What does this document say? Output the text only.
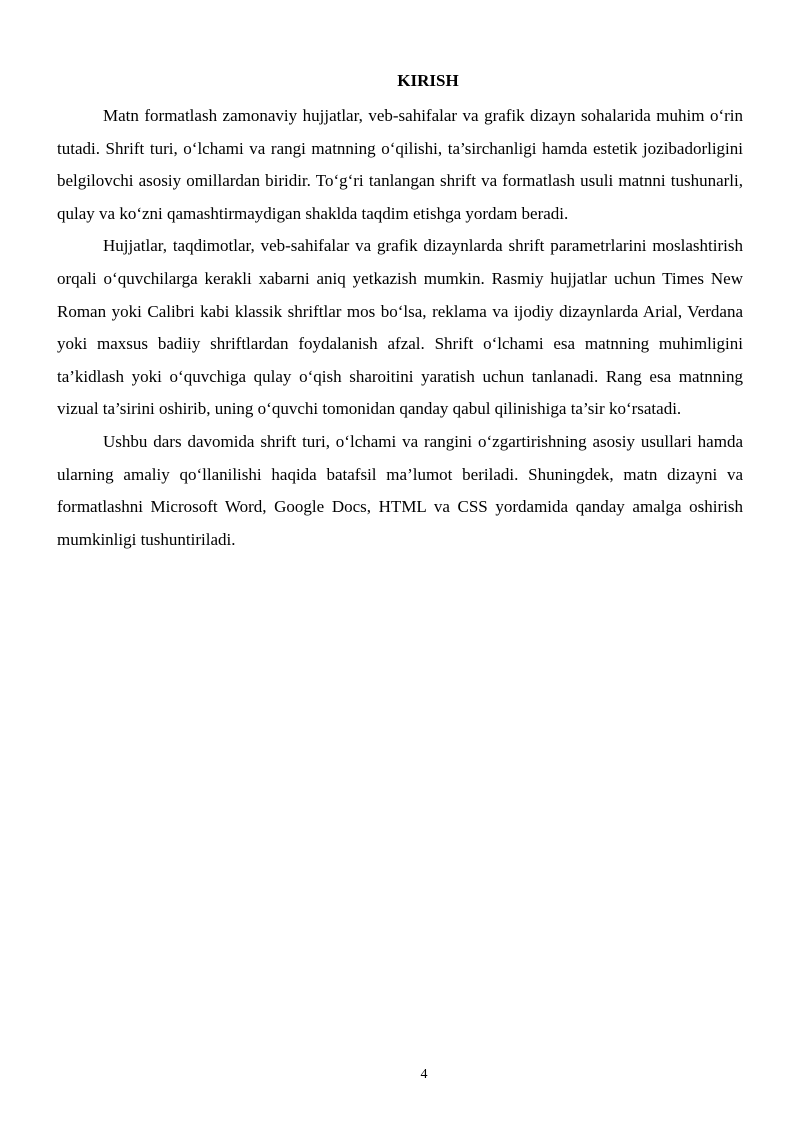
KIRISH

Matn formatlash zamonaviy hujjatlar, veb-sahifalar va grafik dizayn sohalarida muhim o‘rin tutadi. Shrift turi, o‘lchami va rangi matnning o‘qilishi, ta’sirchanligi hamda estetik jozibadorligini belgilovchi asosiy omillardan biridir. To‘g‘ri tanlangan shrift va formatlash usuli matnni tushunarli, qulay va ko‘zni qamashtirmaydigan shaklda taqdim etishga yordam beradi.

Hujjatlar, taqdimotlar, veb-sahifalar va grafik dizaynlarda shrift parametrlarini moslashtirish orqali o‘quvchilarga kerakli xabarni aniq yetkazish mumkin. Rasmiy hujjatlar uchun Times New Roman yoki Calibri kabi klassik shriftlar mos bo‘lsa, reklama va ijodiy dizaynlarda Arial, Verdana yoki maxsus badiiy shriftlardan foydalanish afzal. Shrift o‘lchami esa matnning muhimligini ta’kidlash yoki o‘quvchiga qulay o‘qish sharoitini yaratish uchun tanlanadi. Rang esa matnning vizual ta’sirini oshirib, uning o‘quvchi tomonidan qanday qabul qilinishiga ta’sir ko‘rsatadi.

Ushbu dars davomida shrift turi, o‘lchami va rangini o‘zgartirishning asosiy usullari hamda ularning amaliy qo‘llanilishi haqida batafsil ma’lumot beriladi. Shuningdek, matn dizayni va formatlashni Microsoft Word, Google Docs, HTML va CSS yordamida qanday amalga oshirish mumkinligi tushuntiriladi.

4
